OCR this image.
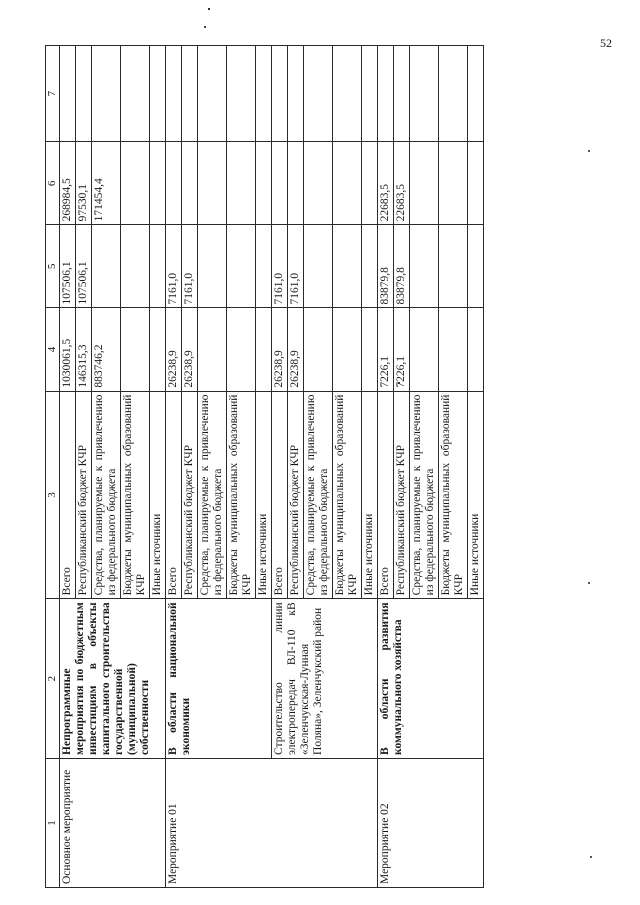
52
1	2	3	4	5	6	7
Основное мероприятие	Непрограммные мероприятия по бюджетным инвестициям в объекты капитального строительства государственной (муниципальной) собственности	Всего	1030061,5	107506,1	268984,5	
		Республиканский бюджет КЧР	146315,3	107506,1	97530,1	
		Средства, планируемые к привлечению из федерального бюджета	883746,2		171454,4	
		Бюджеты муниципальных образований КЧР				
		Иные источники				
Мероприятие 01	В области национальной экономики	Всего	26238,9	7161,0		
		Республиканский бюджет КЧР	26238,9	7161,0		
		Средства, планируемые к привлечению из федерального бюджета				
		Бюджеты муниципальных образований КЧР				
		Иные источники				
	Строительство линии электропередач ВЛ-110 кВ «Зеленчукская-Лунная Поляна», Зеленчукский район	Всего	26238,9	7161,0		
		Республиканский бюджет КЧР	26238,9	7161,0		
		Средства, планируемые к привлечению из федерального бюджета				
		Бюджеты муниципальных образований КЧР				
		Иные источники				
Мероприятие 02	В области развития коммунального хозяйства	Всего	7226,1	83879,8	22683,5	
		Республиканский бюджет КЧР	7226,1	83879,8	22683,5	
		Средства, планируемые к привлечению из федерального бюджета				
		Бюджеты муниципальных образований КЧР				
		Иные источники				
